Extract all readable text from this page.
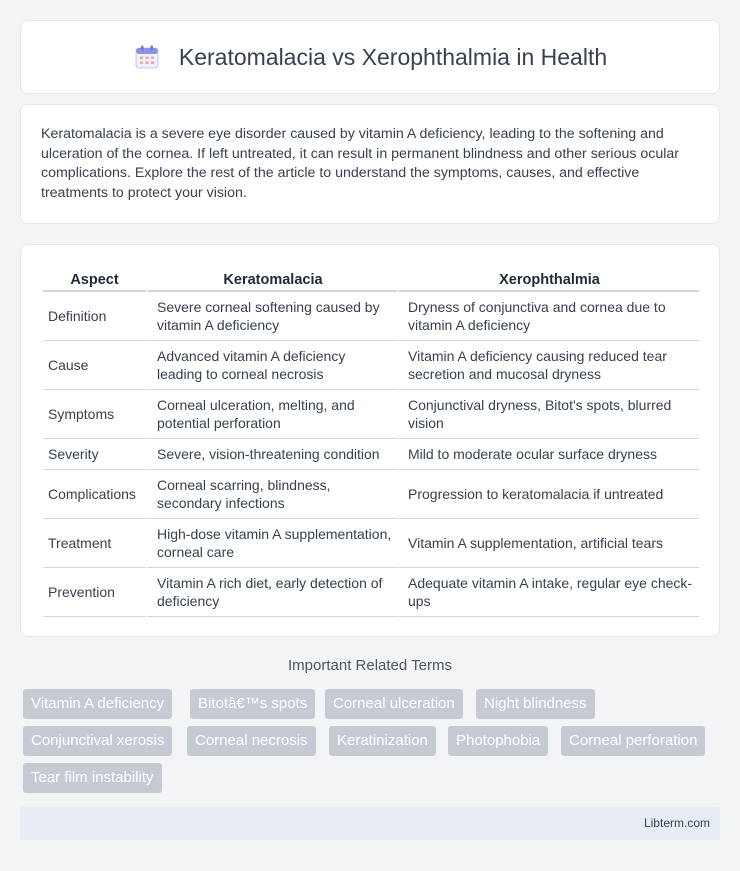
Keratomalacia vs Xerophthalmia in Health

Keratomalacia is a severe eye disorder caused by vitamin A deficiency, leading to the softening and ulceration of the cornea. If left untreated, it can result in permanent blindness and other serious ocular complications. Explore the rest of the article to understand the symptoms, causes, and effective treatments to protect your vision.

Aspect	Keratomalacia	Xerophthalmia
Definition	Severe corneal softening caused by vitamin A deficiency	Dryness of conjunctiva and cornea due to vitamin A deficiency
Cause	Advanced vitamin A deficiency leading to corneal necrosis	Vitamin A deficiency causing reduced tear secretion and mucosal dryness
Symptoms	Corneal ulceration, melting, and potential perforation	Conjunctival dryness, Bitot's spots, blurred vision
Severity	Severe, vision-threatening condition	Mild to moderate ocular surface dryness
Complications	Corneal scarring, blindness, secondary infections	Progression to keratomalacia if untreated
Treatment	High-dose vitamin A supplementation, corneal care	Vitamin A supplementation, artificial tears
Prevention	Vitamin A rich diet, early detection of deficiency	Adequate vitamin A intake, regular eye check-ups
Important Related Terms
Vitamin A deficiency	Bitotâ€™s spots	Corneal ulceration	Night blindness
Conjunctival xerosis	Corneal necrosis	Keratinization	Photophobia	Corneal perforation
Tear film instability
Libterm.com
